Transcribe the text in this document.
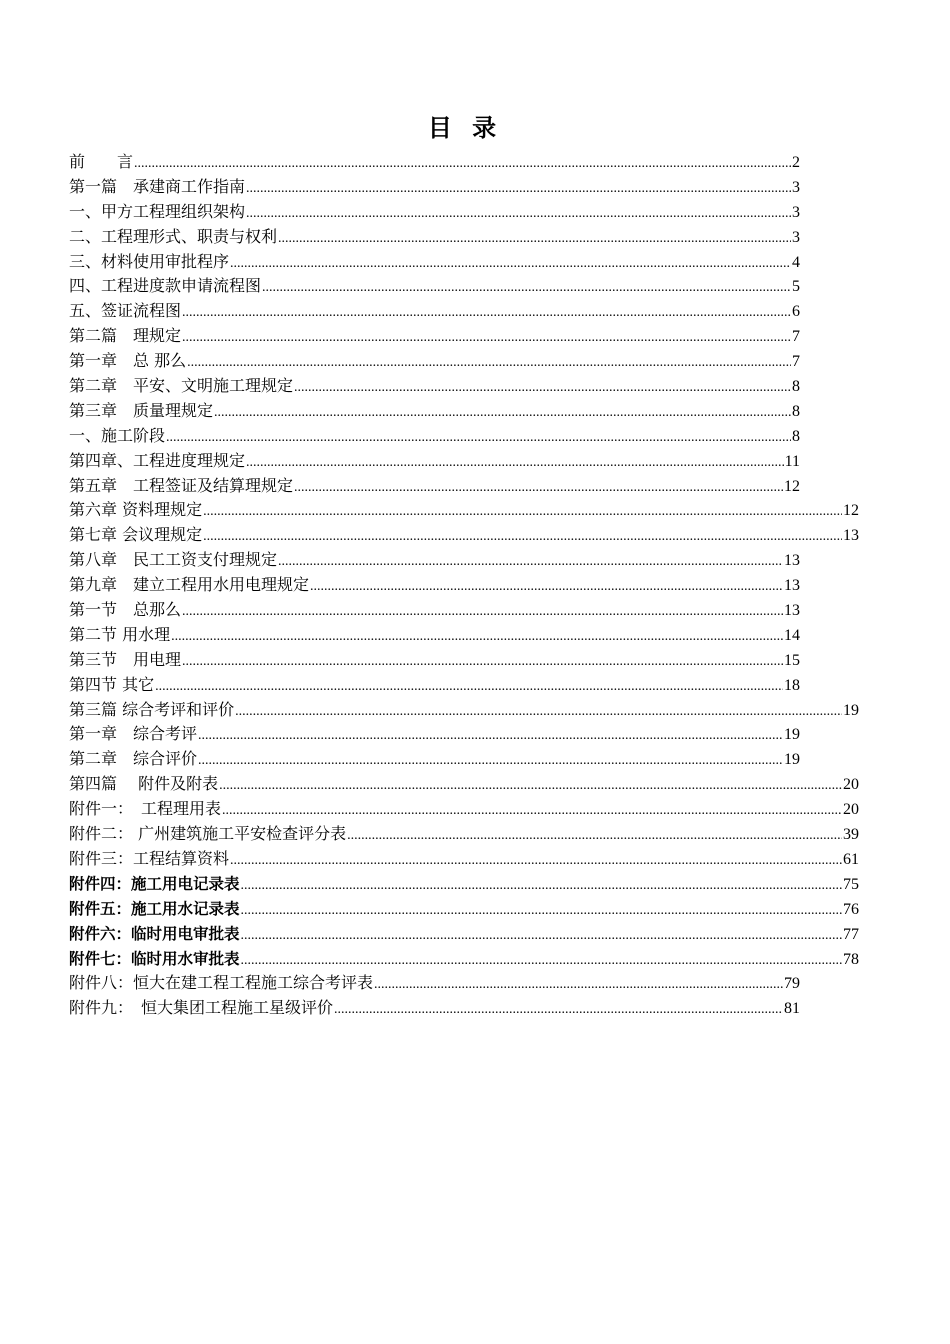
目 录
前　　言 .....	2
第一篇　承建商工作指南 .....	3
一、甲方工程理组织架构 .....	3
二、工程理形式、职责与权利 .....	3
三、材料使用审批程序 .....	4
四、工程进度款申请流程图 .....	5
五、签证流程图 .....	6
第二篇　理规定 .....	7
第一章　总 那么 .....	7
第二章　平安、文明施工理规定 .....	8
第三章　质量理规定 .....	8
一、施工阶段 .....	8
第四章、工程进度理规定 .....	11
第五章　工程签证及结算理规定 .....	12
第六章 资料理规定 .....	12
第七章 会议理规定 .....	13
第八章　民工工资支付理规定 .....	13
第九章　建立工程用水用电理规定 .....	13
第一节　总那么 .....	13
第二节 用水理 .....	14
第三节　用电理 .....	15
第四节 其它 .....	18
第三篇 综合考评和评价 .....	19
第一章　综合考评 .....	19
第二章　综合评价 .....	19
第四篇　 附件及附表 .....	20
附件一：　工程理用表 .....	20
附件二： 广州建筑施工平安检查评分表 .....	39
附件三：工程结算资料 .....	61
附件四：施工用电记录表 .....	75
附件五：施工用水记录表 .....	76
附件六：临时用电审批表 .....	77
附件七：临时用水审批表 .....	78
附件八：恒大在建工程工程施工综合考评表 .....	79
附件九：　恒大集团工程施工星级评价 .....	81
